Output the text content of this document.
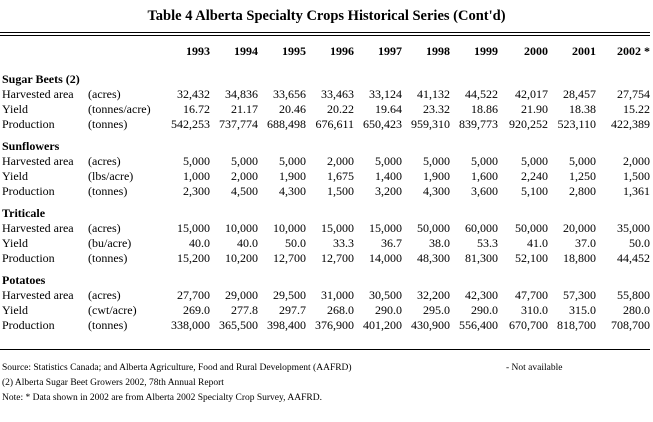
Table 4 Alberta Specialty Crops Historical Series (Cont'd)
		1993	1994	1995	1996	1997	1998	1999	2000	2001	2002 *
Sugar Beets (2)											
Harvested area	(acres)	32,432	34,836	33,656	33,463	33,124	41,132	44,522	42,017	28,457	27,754
Yield	(tonnes/acre)	16.72	21.17	20.46	20.22	19.64	23.32	18.86	21.90	18.38	15.22
Production	(tonnes)	542,253	737,774	688,498	676,611	650,423	959,310	839,773	920,252	523,110	422,389
Sunflowers											
Harvested area	(acres)	5,000	5,000	5,000	2,000	5,000	5,000	5,000	5,000	5,000	2,000
Yield	(lbs/acre)	1,000	2,000	1,900	1,675	1,400	1,900	1,600	2,240	1,250	1,500
Production	(tonnes)	2,300	4,500	4,300	1,500	3,200	4,300	3,600	5,100	2,800	1,361
Triticale											
Harvested area	(acres)	15,000	10,000	10,000	15,000	15,000	50,000	60,000	50,000	20,000	35,000
Yield	(bu/acre)	40.0	40.0	50.0	33.3	36.7	38.0	53.3	41.0	37.0	50.0
Production	(tonnes)	15,200	10,200	12,700	12,700	14,000	48,300	81,300	52,100	18,800	44,452
Potatoes											
Harvested area	(acres)	27,700	29,000	29,500	31,000	30,500	32,200	42,300	47,700	57,300	55,800
Yield	(cwt/acre)	269.0	277.8	297.7	268.0	290.0	295.0	290.0	310.0	315.0	280.0
Production	(tonnes)	338,000	365,500	398,400	376,900	401,200	430,900	556,400	670,700	818,700	708,700
Source: Statistics Canada; and Alberta Agriculture, Food and Rural Development (AAFRD)	- Not available
(2) Alberta Sugar Beet Growers 2002, 78th Annual Report
Note: * Data shown in 2002 are from Alberta 2002 Specialty Crop Survey, AAFRD.
